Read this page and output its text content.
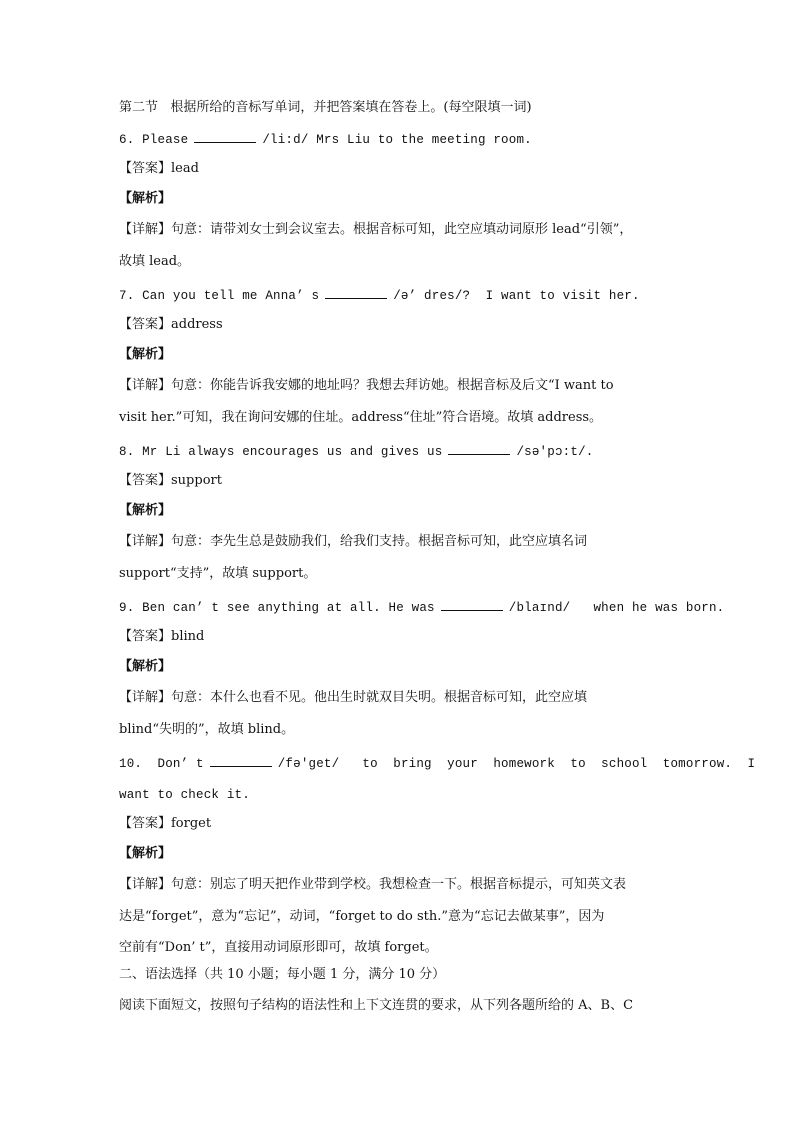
第二节   根据所给的音标写单词，并把答案填在答卷上。(每空限填一词)
6. Please	/li:d/ Mrs Liu to the meeting room.
【答案】lead
【解析】
【详解】句意：请带刘女士到会议室去。根据音标可知，此空应填动词原形 lead“引领”，
故填 lead。
7. Can you tell me Anna’ s	/ə’ dres/?  I want to visit her.
【答案】address
【解析】
【详解】句意：你能告诉我安娜的地址吗？我想去拜访她。根据音标及后文“I want to
visit her.”可知，我在询问安娜的住址。address“住址”符合语境。故填 address。
8. Mr Li always encourages us and gives us	/sə'pɔ:t/.
【答案】support
【解析】
【详解】句意：李先生总是鼓励我们，给我们支持。根据音标可知，此空应填名词
support“支持”，故填 support。
9. Ben can’ t see anything at all. He was	/blaɪnd/   when he was born.
【答案】blind
【解析】
【详解】句意：本什么也看不见。他出生时就双目失明。根据音标可知，此空应填
blind“失明的”，故填 blind。
10.  Don’ t	/fə'get/   to  bring  your  homework  to  school  tomorrow.  I
want to check it.
【答案】forget
【解析】
【详解】句意：别忘了明天把作业带到学校。我想检查一下。根据音标提示，可知英文表
达是“forget”，意为“忘记”，动词，“forget to do sth.”意为“忘记去做某事”，因为
空前有“Don’ t”，直接用动词原形即可，故填 forget。
二、语法选择（共 10 小题；每小题 1 分，满分 10 分）
阅读下面短文，按照句子结构的语法性和上下文连贯的要求，从下列各题所给的 A、B、C
